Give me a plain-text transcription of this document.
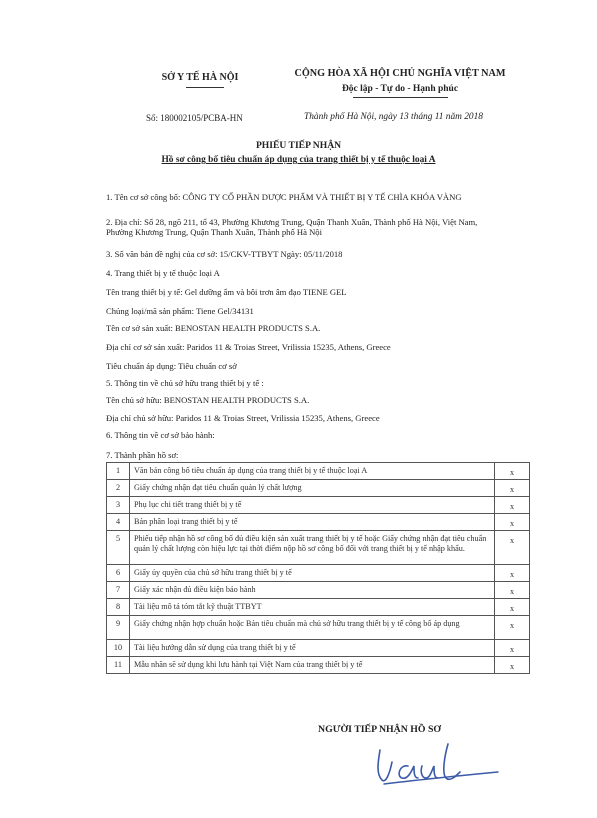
SỞ Y TẾ HÀ NỘI	CỘNG HÒA XÃ HỘI CHỦ NGHĨA VIỆT NAM
Độc lập - Tự do - Hạnh phúc
Số: 180002105/PCBA-HN	Thành phố Hà Nội, ngày 13 tháng 11 năm 2018
PHIẾU TIẾP NHẬN
Hồ sơ công bố tiêu chuẩn áp dụng của trang thiết bị y tế thuộc loại A
1. Tên cơ sở công bố: CÔNG TY CỔ PHẦN DƯỢC PHẨM VÀ THIẾT BỊ Y TẾ CHÌA KHÓA VÀNG
2. Địa chỉ: Số 28, ngõ 211, tổ 43, Phường Khương Trung, Quận Thanh Xuân, Thành phố Hà Nội, Việt Nam, Phường Khương Trung, Quận Thanh Xuân, Thành phố Hà Nội
3. Số văn bản đề nghị của cơ sở: 15/CKV-TTBYT Ngày: 05/11/2018
4. Trang thiết bị y tế thuộc loại A
Tên trang thiết bị y tế: Gel dưỡng ẩm và bôi trơn âm đạo TIENE GEL
Chủng loại/mã sản phẩm: Tiene Gel/34131
Tên cơ sở sản xuất: BENOSTAN HEALTH PRODUCTS S.A.
Địa chỉ cơ sở sản xuất: Paridos 11 & Troias Street, Vrilissia 15235, Athens, Greece
Tiêu chuẩn áp dụng: Tiêu chuẩn cơ sở
5. Thông tin về chủ sở hữu trang thiết bị y tế :
Tên chủ sở hữu: BENOSTAN HEALTH PRODUCTS S.A.
Địa chỉ chủ sở hữu: Paridos 11 & Troias Street, Vrilissia 15235, Athens, Greece
6. Thông tin về cơ sở bảo hành:
7. Thành phần hồ sơ:
1	Văn bản công bố tiêu chuẩn áp dụng của trang thiết bị y tế thuộc loại A	x
2	Giấy chứng nhận đạt tiêu chuẩn quản lý chất lượng	x
3	Phụ lục chi tiết trang thiết bị y tế	x
4	Bản phân loại trang thiết bị y tế	x
5	Phiếu tiếp nhận hồ sơ công bố đủ điều kiện sản xuất trang thiết bị y tế hoặc Giấy chứng nhận đạt tiêu chuẩn quản lý chất lượng còn hiệu lực tại thời điểm nộp hồ sơ công bố đối với trang thiết bị y tế nhập khẩu.	x
6	Giấy ủy quyền của chủ sở hữu trang thiết bị y tế	x
7	Giấy xác nhận đủ điều kiện bảo hành	x
8	Tài liệu mô tả tóm tắt kỹ thuật TTBYT	x
9	Giấy chứng nhận hợp chuẩn hoặc Bản tiêu chuẩn mà chủ sở hữu trang thiết bị y tế công bố áp dụng	x
10	Tài liệu hướng dẫn sử dụng của trang thiết bị y tế	x
11	Mẫu nhãn sẽ sử dụng khi lưu hành tại Việt Nam của trang thiết bị y tế	x
NGƯỜI TIẾP NHẬN HỒ SƠ
